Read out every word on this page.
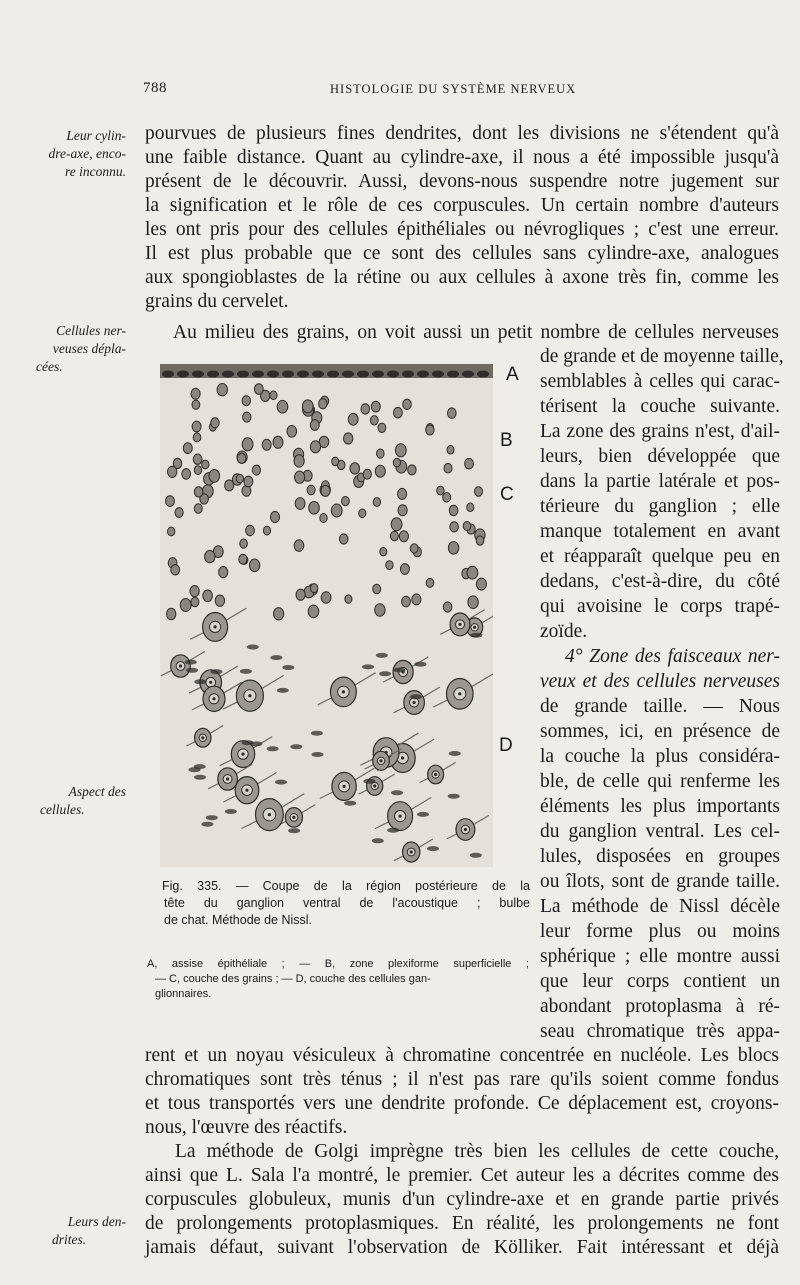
788	HISTOLOGIE DU SYSTÈME NERVEUX
Leur cylin-
dre-axe, enco-
re inconnu.
Cellules ner-
veuses dépla-
cées.
Aspect des
cellules.
Leurs den-
drites.
pourvues de plusieurs fines dendrites, dont les divisions ne s'étendent qu'à
une faible distance. Quant au cylindre-axe, il nous a été impossible jusqu'à
présent de le découvrir. Aussi, devons-nous suspendre notre jugement sur
la signification et le rôle de ces corpuscules. Un certain nombre d'auteurs
les ont pris pour des cellules épithéliales ou névrogliques ; c'est une erreur.
Il est plus probable que ce sont des cellules sans cylindre-axe, analogues
aux spongioblastes de la rétine ou aux cellules à axone très fin, comme les
grains du cervelet.
Au milieu des grains, on voit aussi un petit nombre de cellules nerveuses
de grande et de moyenne taille,
semblables à celles qui carac-
térisent la couche suivante.
La zone des grains n'est, d'ail-
leurs, bien développée que
dans la partie latérale et pos-
térieure du ganglion ; elle
manque totalement en avant
et réapparaît quelque peu en
dedans, c'est-à-dire, du côté
qui avoisine le corps trapé-
zoïde.
4° Zone des faisceaux ner-
veux et des cellules nerveuses
de grande taille. — Nous
sommes, ici, en présence de
la couche la plus considéra-
ble, de celle qui renferme les
éléments les plus importants
du ganglion ventral. Les cel-
lules, disposées en groupes
ou îlots, sont de grande taille.
La méthode de Nissl décèle
leur forme plus ou moins
sphérique ; elle montre aussi
que leur corps contient un
abondant protoplasma à ré-
seau chromatique très appa-
A
B
C
D
Fig. 335. — Coupe de la région postérieure de la
tête du ganglion ventral de l'acoustique ; bulbe
de chat. Méthode de Nissl.
A, assise épithéliale ; — B, zone plexiforme superficielle ;
— C, couche des grains ; — D, couche des cellules gan-
glionnaires.
rent et un noyau vésiculeux à chromatine concentrée en nucléole. Les blocs
chromatiques sont très ténus ; il n'est pas rare qu'ils soient comme fondus
et tous transportés vers une dendrite profonde. Ce déplacement est, croyons-
nous, l'œuvre des réactifs.
La méthode de Golgi imprègne très bien les cellules de cette couche,
ainsi que L. Sala l'a montré, le premier. Cet auteur les a décrites comme des
corpuscules globuleux, munis d'un cylindre-axe et en grande partie privés
de prolongements protoplasmiques. En réalité, les prolongements ne font
jamais défaut, suivant l'observation de Kölliker. Fait intéressant et déjà
